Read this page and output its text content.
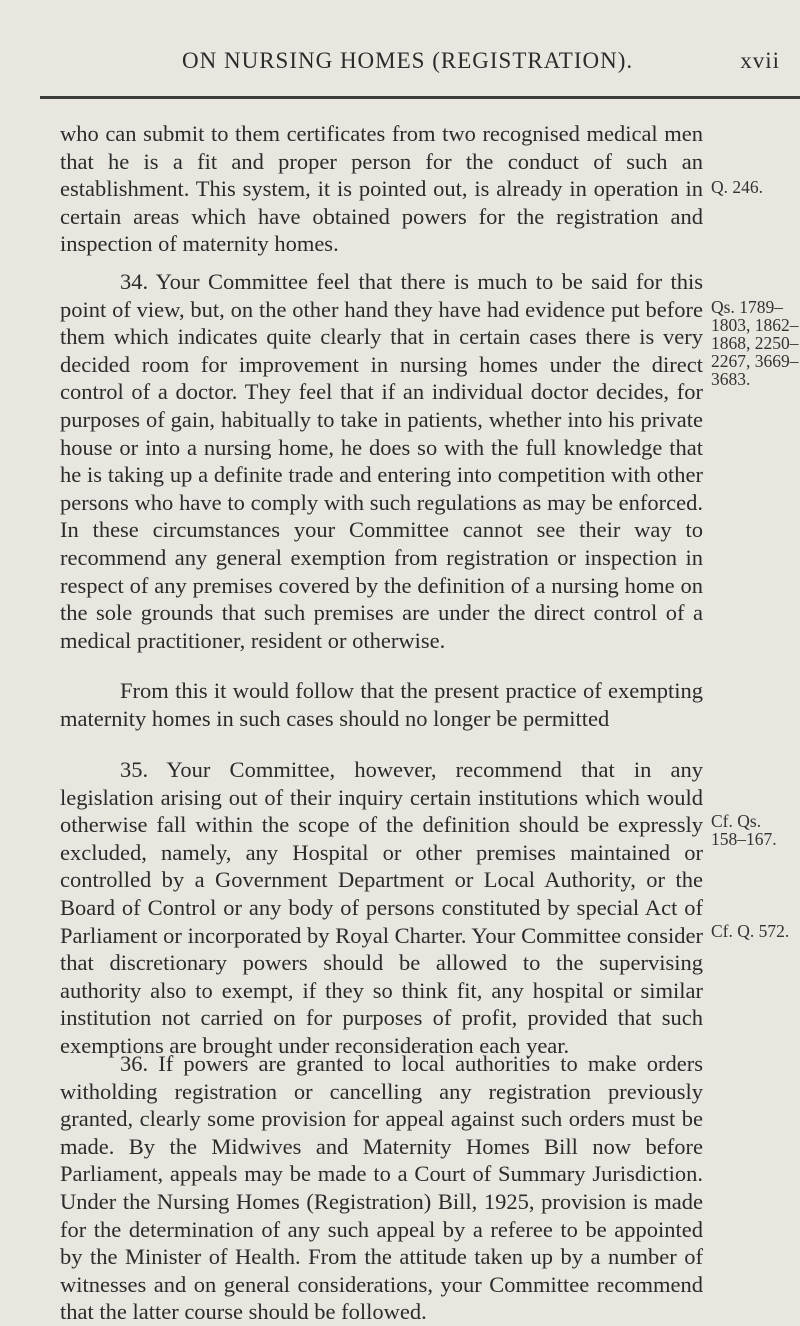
ON NURSING HOMES (REGISTRATION).	xvii

who can submit to them certificates from two recognised medical men that he is a fit and proper person for the conduct of such an establishment. This system, it is pointed out, is already in operation in certain areas which have obtained powers for the registration and inspection of maternity homes.

34. Your Committee feel that there is much to be said for this point of view, but, on the other hand they have had evidence put before them which indicates quite clearly that in certain cases there is very decided room for improvement in nursing homes under the direct control of a doctor. They feel that if an individual doctor decides, for purposes of gain, habitually to take in patients, whether into his private house or into a nursing home, he does so with the full knowledge that he is taking up a definite trade and entering into competition with other persons who have to comply with such regulations as may be enforced. In these circumstances your Committee cannot see their way to recommend any general exemption from registration or inspection in respect of any premises covered by the definition of a nursing home on the sole grounds that such premises are under the direct control of a medical practitioner, resident or otherwise.

From this it would follow that the present practice of exempting maternity homes in such cases should no longer be permitted

35. Your Committee, however, recommend that in any legislation arising out of their inquiry certain institutions which would otherwise fall within the scope of the definition should be expressly excluded, namely, any Hospital or other premises maintained or controlled by a Government Department or Local Authority, or the Board of Control or any body of persons constituted by special Act of Parliament or incorporated by Royal Charter. Your Committee consider that discretionary powers should be allowed to the supervising authority also to exempt, if they so think fit, any hospital or similar institution not carried on for purposes of profit, provided that such exemptions are brought under reconsideration each year.

36. If powers are granted to local authorities to make orders witholding registration or cancelling any registration previously granted, clearly some provision for appeal against such orders must be made. By the Midwives and Maternity Homes Bill now before Parliament, appeals may be made to a Court of Summary Jurisdiction. Under the Nursing Homes (Registration) Bill, 1925, provision is made for the determination of any such appeal by a referee to be appointed by the Minister of Health. From the attitude taken up by a number of witnesses and on general considerations, your Committee recommend that the latter course should be followed.

Q. 246.
Qs. 1789–1803, 1862–1868, 2250–2267, 3669–3683.
Cf. Qs. 158–167.
Cf. Q. 572.
